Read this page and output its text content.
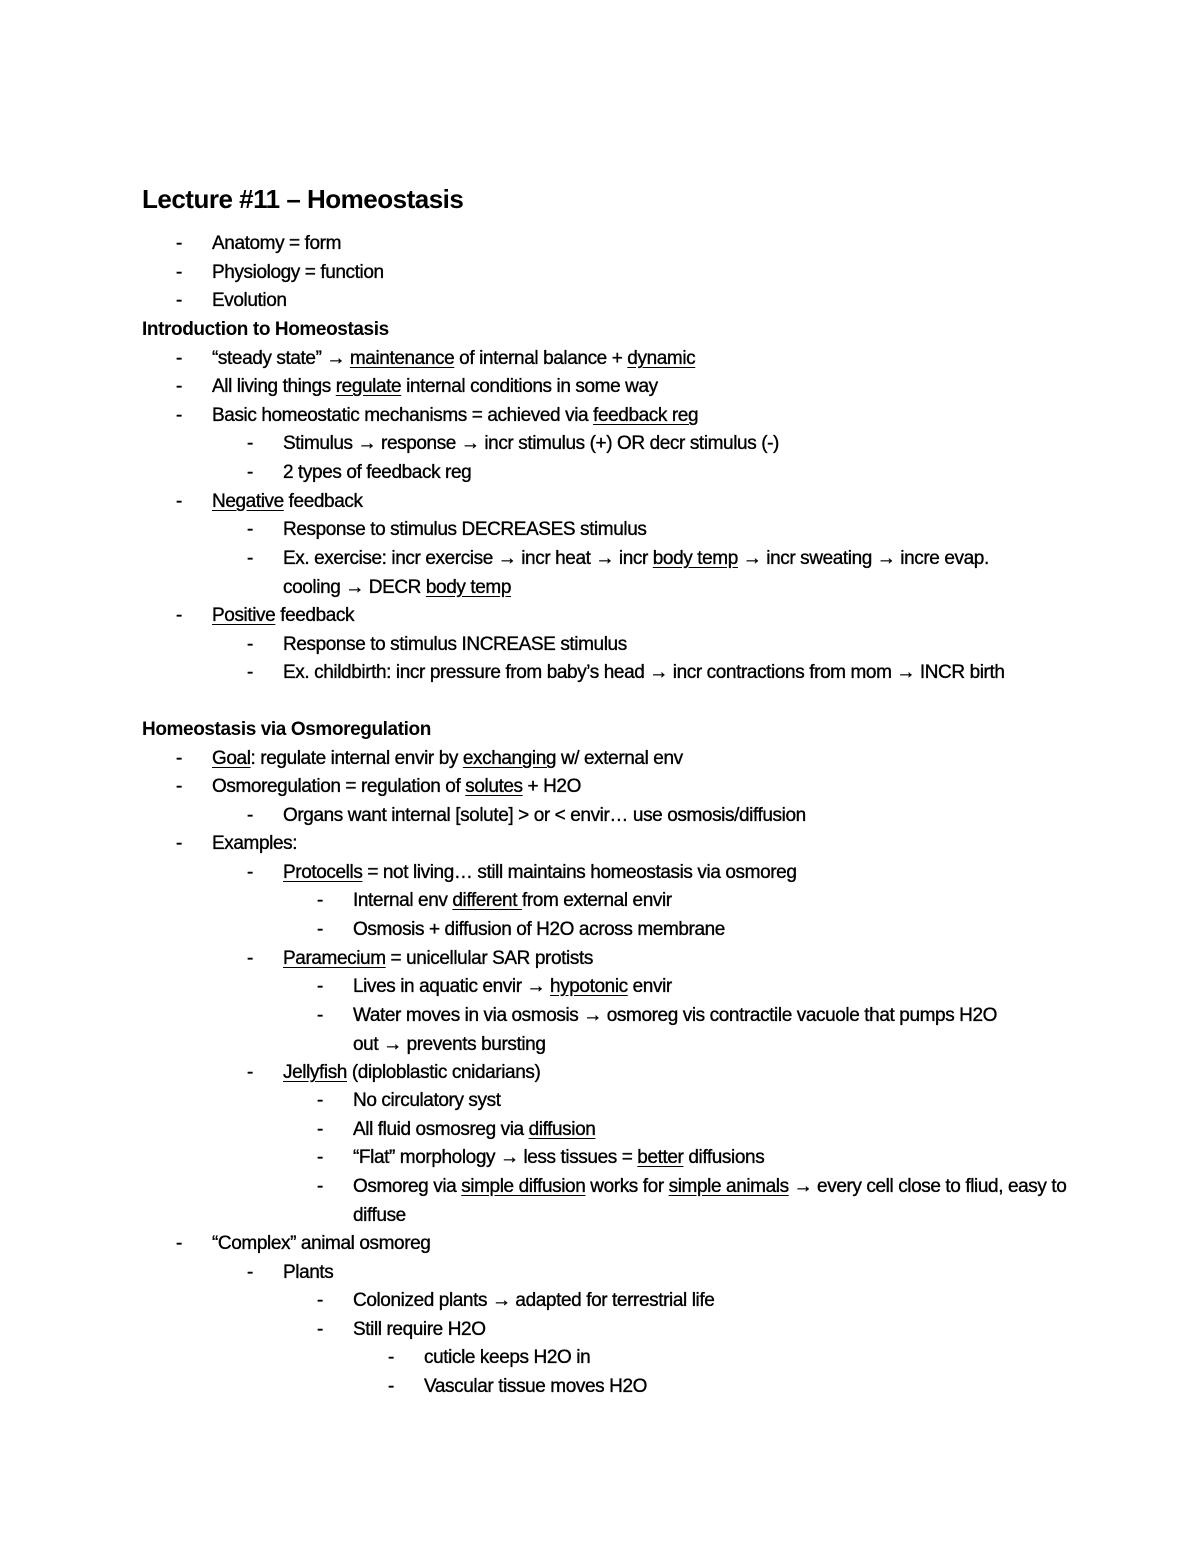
Lecture #11 – Homeostasis
- Anatomy = form
- Physiology = function
- Evolution
Introduction to Homeostasis
- “steady state” → maintenance of internal balance + dynamic
- All living things regulate internal conditions in some way
- Basic homeostatic mechanisms = achieved via feedback reg
- Stimulus → response → incr stimulus (+) OR decr stimulus (-)
- 2 types of feedback reg
- Negative feedback
- Response to stimulus DECREASES stimulus
- Ex. exercise: incr exercise → incr heat → incr body temp → incr sweating → incre evap. cooling → DECR body temp
- Positive feedback
- Response to stimulus INCREASE stimulus
- Ex. childbirth: incr pressure from baby’s head → incr contractions from mom → INCR birth
Homeostasis via Osmoregulation
- Goal: regulate internal envir by exchanging w/ external env
- Osmoregulation = regulation of solutes + H2O
- Organs want internal [solute] > or < envir… use osmosis/diffusion
- Examples:
- Protocells = not living… still maintains homeostasis via osmoreg
- Internal env different from external envir
- Osmosis + diffusion of H2O across membrane
- Paramecium = unicellular SAR protists
- Lives in aquatic envir → hypotonic envir
- Water moves in via osmosis → osmoreg vis contractile vacuole that pumps H2O out → prevents bursting
- Jellyfish (diploblastic cnidarians)
- No circulatory syst
- All fluid osmosreg via diffusion
- “Flat” morphology → less tissues = better diffusions
- Osmoreg via simple diffusion works for simple animals → every cell close to fliud, easy to diffuse
- “Complex” animal osmoreg
- Plants
- Colonized plants → adapted for terrestrial life
- Still require H2O
- cuticle keeps H2O in
- Vascular tissue moves H2O
